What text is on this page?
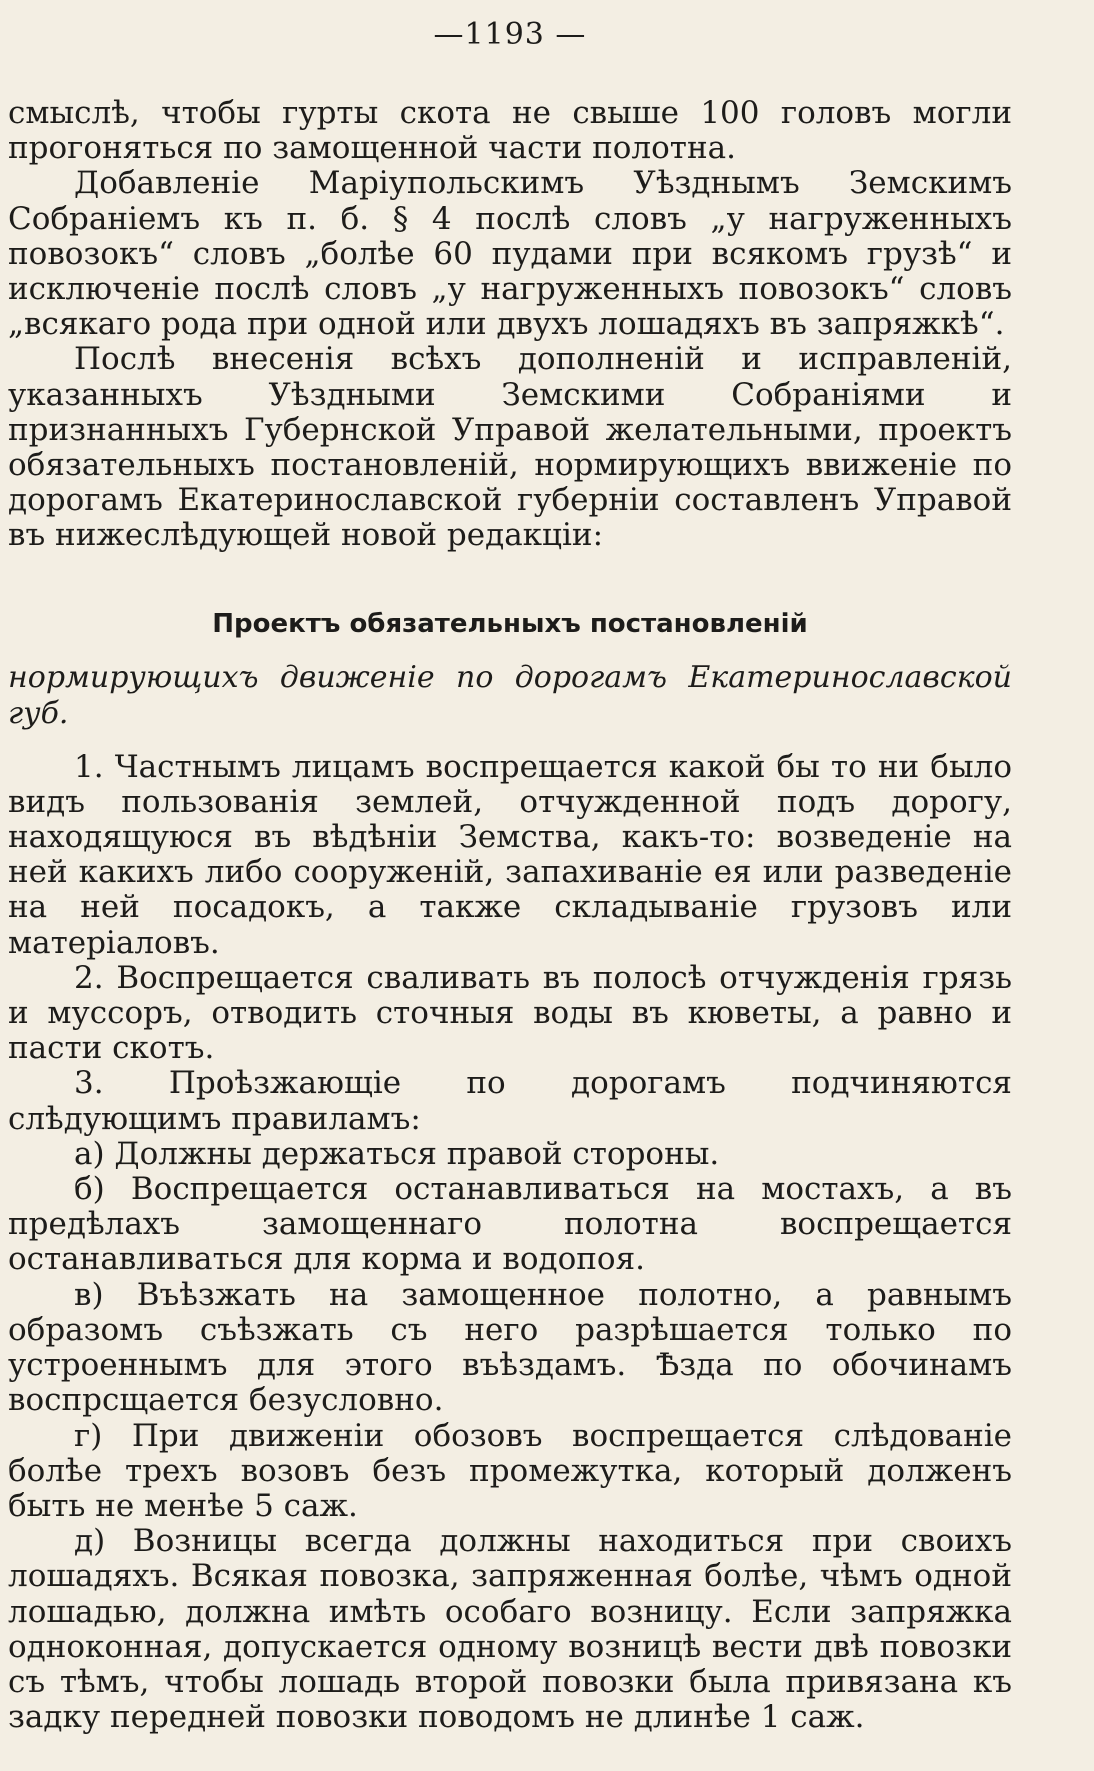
—1193 —

смыслѣ, чтобы гурты скота не свыше 100 головъ могли прогоняться по замощенной части полотна.

Добавленіе Маріупольскимъ Уѣзднымъ Земскимъ Собраніемъ къ п. б. § 4 послѣ словъ „у нагруженныхъ повозокъ“ словъ „болѣе 60 пудами при всякомъ грузѣ“ и исключеніе послѣ словъ „у нагруженныхъ повозокъ“ словъ „всякаго рода при одной или двухъ лошадяхъ въ запряжкѣ“.

Послѣ внесенія всѣхъ дополненій и исправленій, указанныхъ Уѣздными Земскими Собраніями и признанныхъ Губернской Управой желательными, проектъ обязательныхъ постановленій, нормирующихъ ввиженіе по дорогамъ Екатеринославской губерніи составленъ Управой въ нижеслѣдующей новой редакціи:

Проектъ обязательныхъ постановленій
нормирующихъ движеніе по дорогамъ Екатеринославской губ.

1. Частнымъ лицамъ воспрещается какой бы то ни было видъ пользованія землей, отчужденной подъ дорогу, находящуюся въ вѣдѣніи Земства, какъ-то: возведеніе на ней какихъ либо сооруженій, запахиваніе ея или разведеніе на ней посадокъ, а также складываніе грузовъ или матеріаловъ.

2. Воспрещается сваливать въ полосѣ отчужденія грязь и муссоръ, отводить сточныя воды въ кюветы, а равно и пасти скотъ.

3. Проѣзжающіе по дорогамъ подчиняются слѣдующимъ правиламъ:

а) Должны держаться правой стороны.

б) Воспрещается останавливаться на мостахъ, а въ предѣлахъ замощеннаго полотна воспрещается останавливаться для корма и водопоя.

в) Въѣзжать на замощенное полотно, а равнымъ образомъ съѣзжать съ него разрѣшается только по устроеннымъ для этого въѣздамъ. Ѣзда по обочинамъ воспрсщается безусловно.

г) При движеніи обозовъ воспрещается слѣдованіе болѣе трехъ возовъ безъ промежутка, который долженъ быть не менѣе 5 саж.

д) Возницы всегда должны находиться при своихъ лошадяхъ. Всякая повозка, запряженная болѣе, чѣмъ одной лошадью, должна имѣть особаго возницу. Если запряжка одноконная, допускается одному возницѣ вести двѣ повозки съ тѣмъ, чтобы лошадь второй повозки была привязана къ задку передней повозки поводомъ не длинѣе 1 саж.
